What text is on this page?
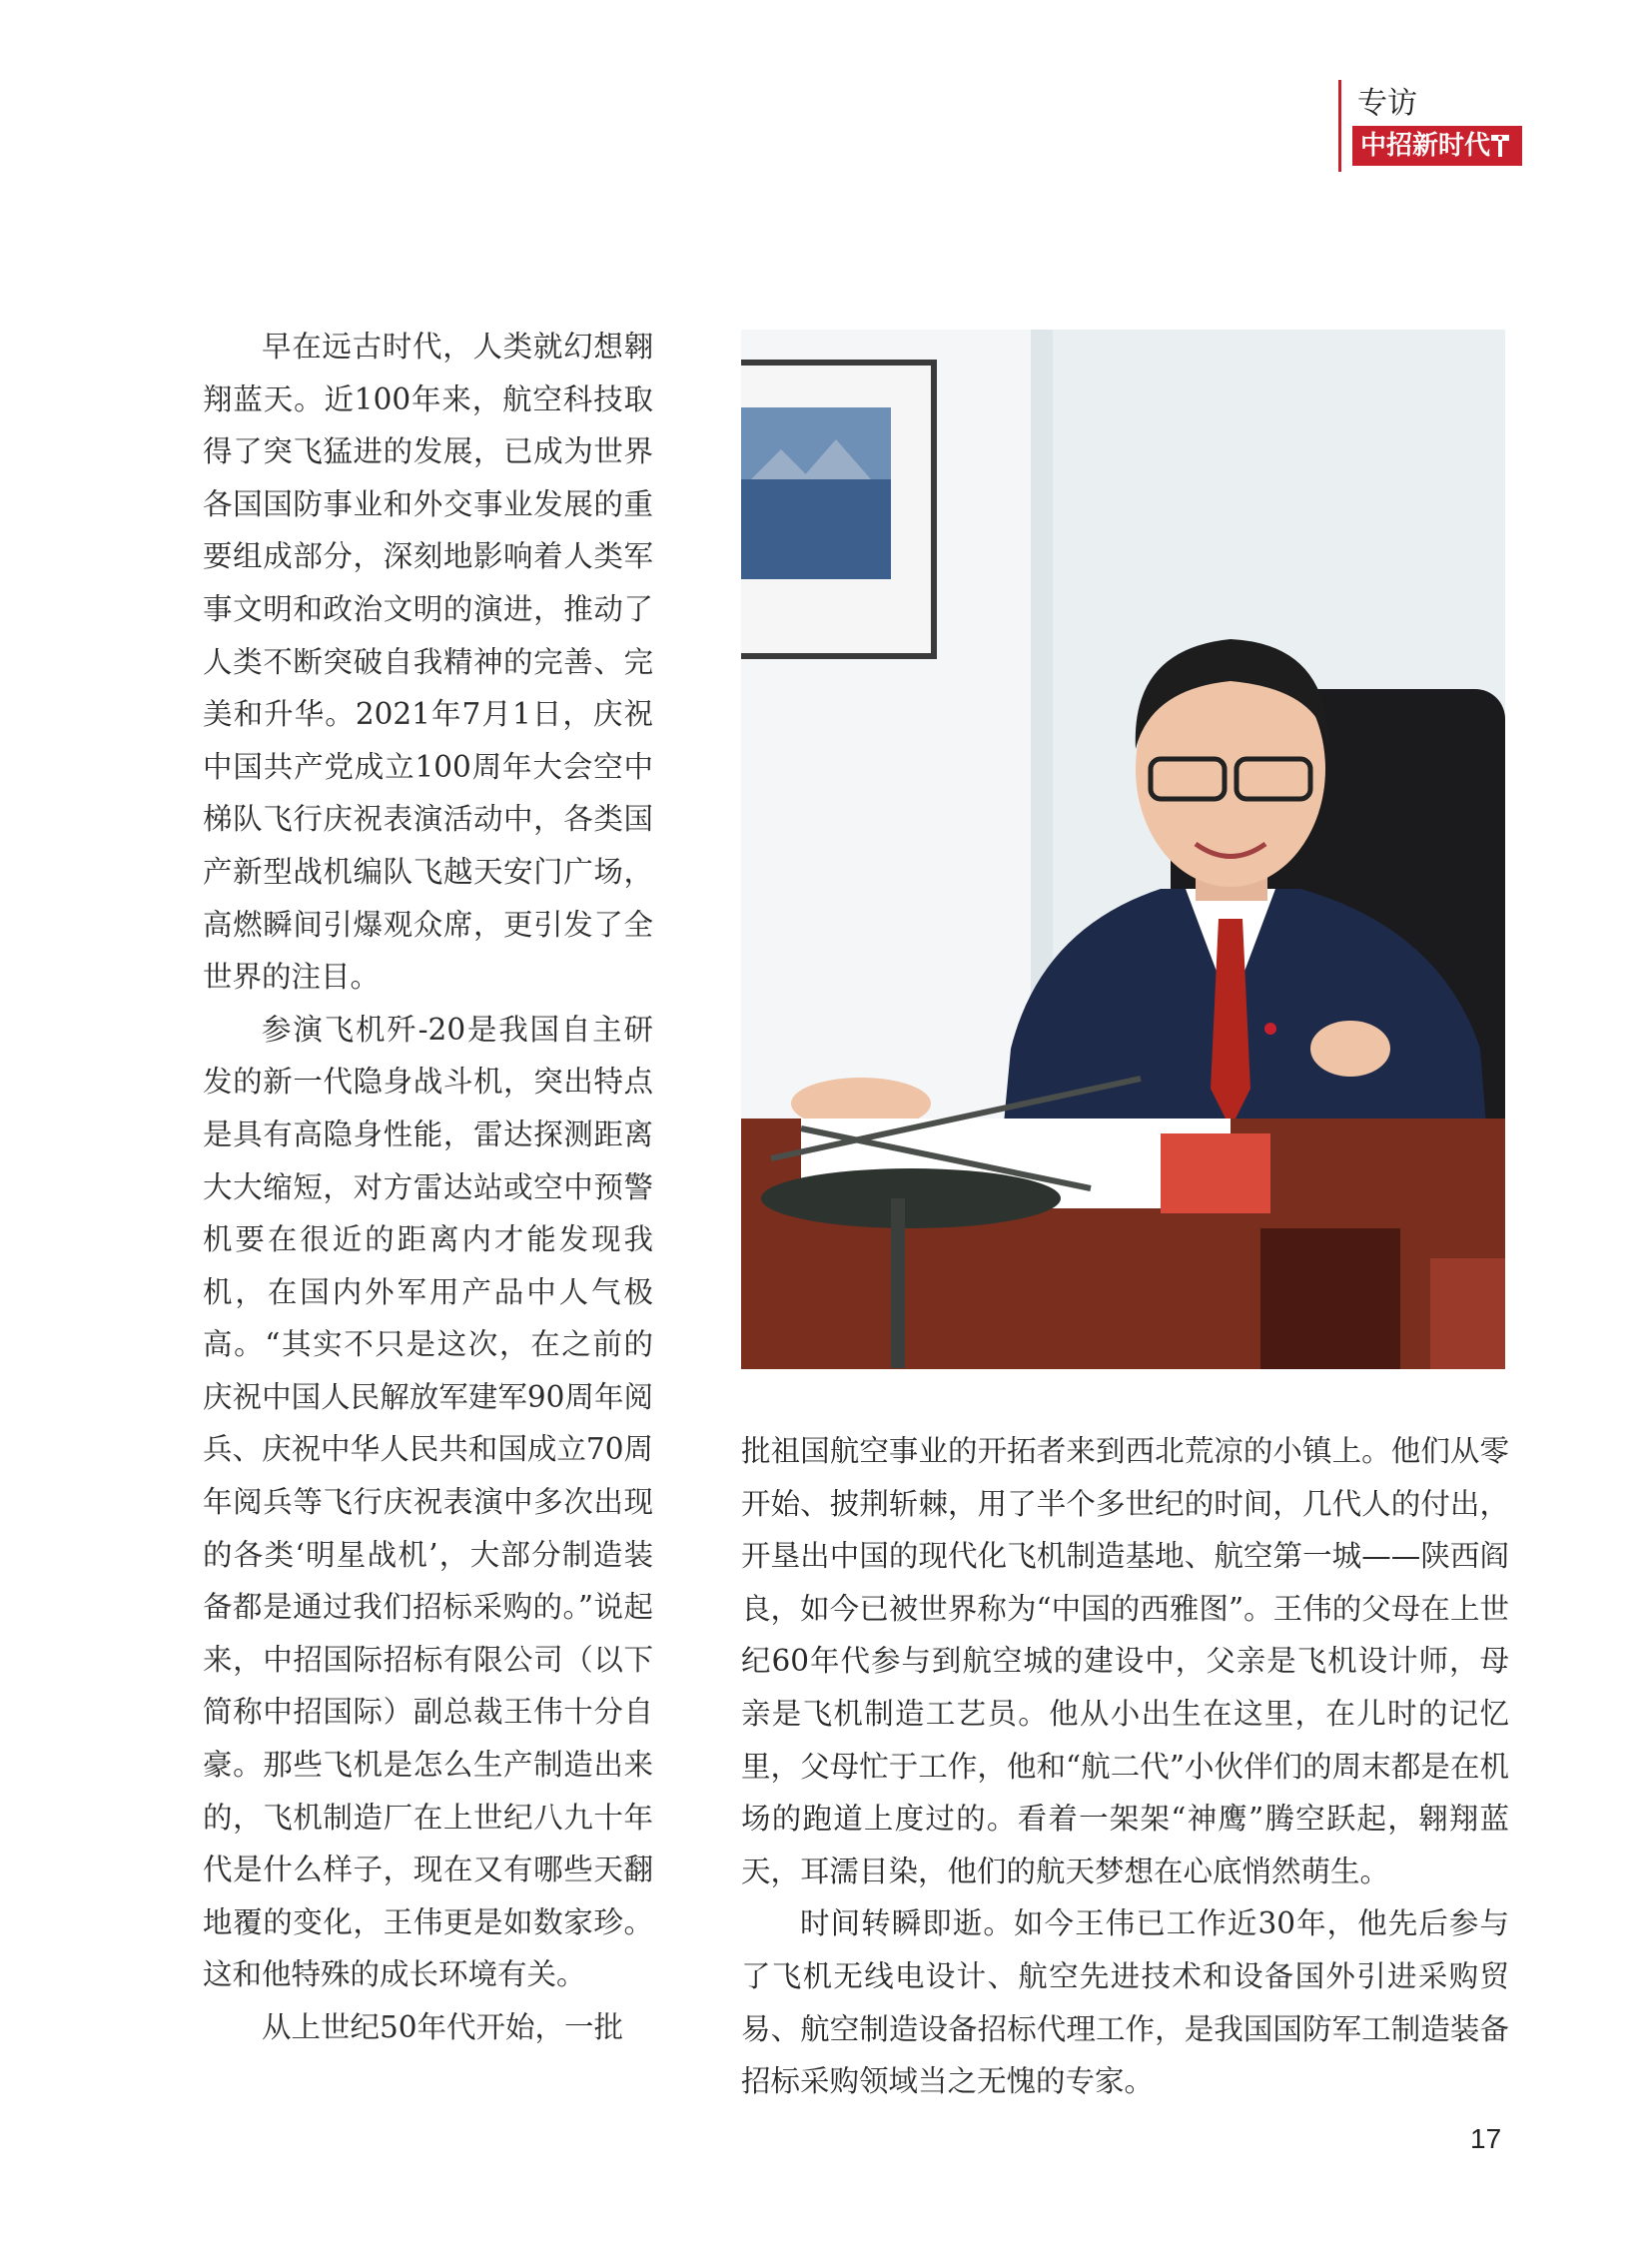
专访
中招新时代

早在远古时代，人类就幻想翱翔蓝天。近100年来，航空科技取得了突飞猛进的发展，已成为世界各国国防事业和外交事业发展的重要组成部分，深刻地影响着人类军事文明和政治文明的演进，推动了人类不断突破自我精神的完善、完美和升华。2021年7月1日，庆祝中国共产党成立100周年大会空中梯队飞行庆祝表演活动中，各类国产新型战机编队飞越天安门广场，高燃瞬间引爆观众席，更引发了全世界的注目。

参演飞机歼-20是我国自主研发的新一代隐身战斗机，突出特点是具有高隐身性能，雷达探测距离大大缩短，对方雷达站或空中预警机要在很近的距离内才能发现我机，在国内外军用产品中人气极高。“其实不只是这次，在之前的庆祝中国人民解放军建军90周年阅兵、庆祝中华人民共和国成立70周年阅兵等飞行庆祝表演中多次出现的各类‘明星战机’，大部分制造装备都是通过我们招标采购的。”说起来，中招国际招标有限公司（以下简称中招国际）副总裁王伟十分自豪。那些飞机是怎么生产制造出来的，飞机制造厂在上世纪八九十年代是什么样子，现在又有哪些天翻地覆的变化，王伟更是如数家珍。这和他特殊的成长环境有关。

从上世纪50年代开始，一批

批祖国航空事业的开拓者来到西北荒凉的小镇上。他们从零开始、披荆斩棘，用了半个多世纪的时间，几代人的付出，开垦出中国的现代化飞机制造基地、航空第一城——陕西阎良，如今已被世界称为“中国的西雅图”。王伟的父母在上世纪60年代参与到航空城的建设中，父亲是飞机设计师，母亲是飞机制造工艺员。他从小出生在这里，在儿时的记忆里，父母忙于工作，他和“航二代”小伙伴们的周末都是在机场的跑道上度过的。看着一架架“神鹰”腾空跃起，翱翔蓝天，耳濡目染，他们的航天梦想在心底悄然萌生。

时间转瞬即逝。如今王伟已工作近30年，他先后参与了飞机无线电设计、航空先进技术和设备国外引进采购贸易、航空制造设备招标代理工作，是我国国防军工制造装备招标采购领域当之无愧的专家。

17
